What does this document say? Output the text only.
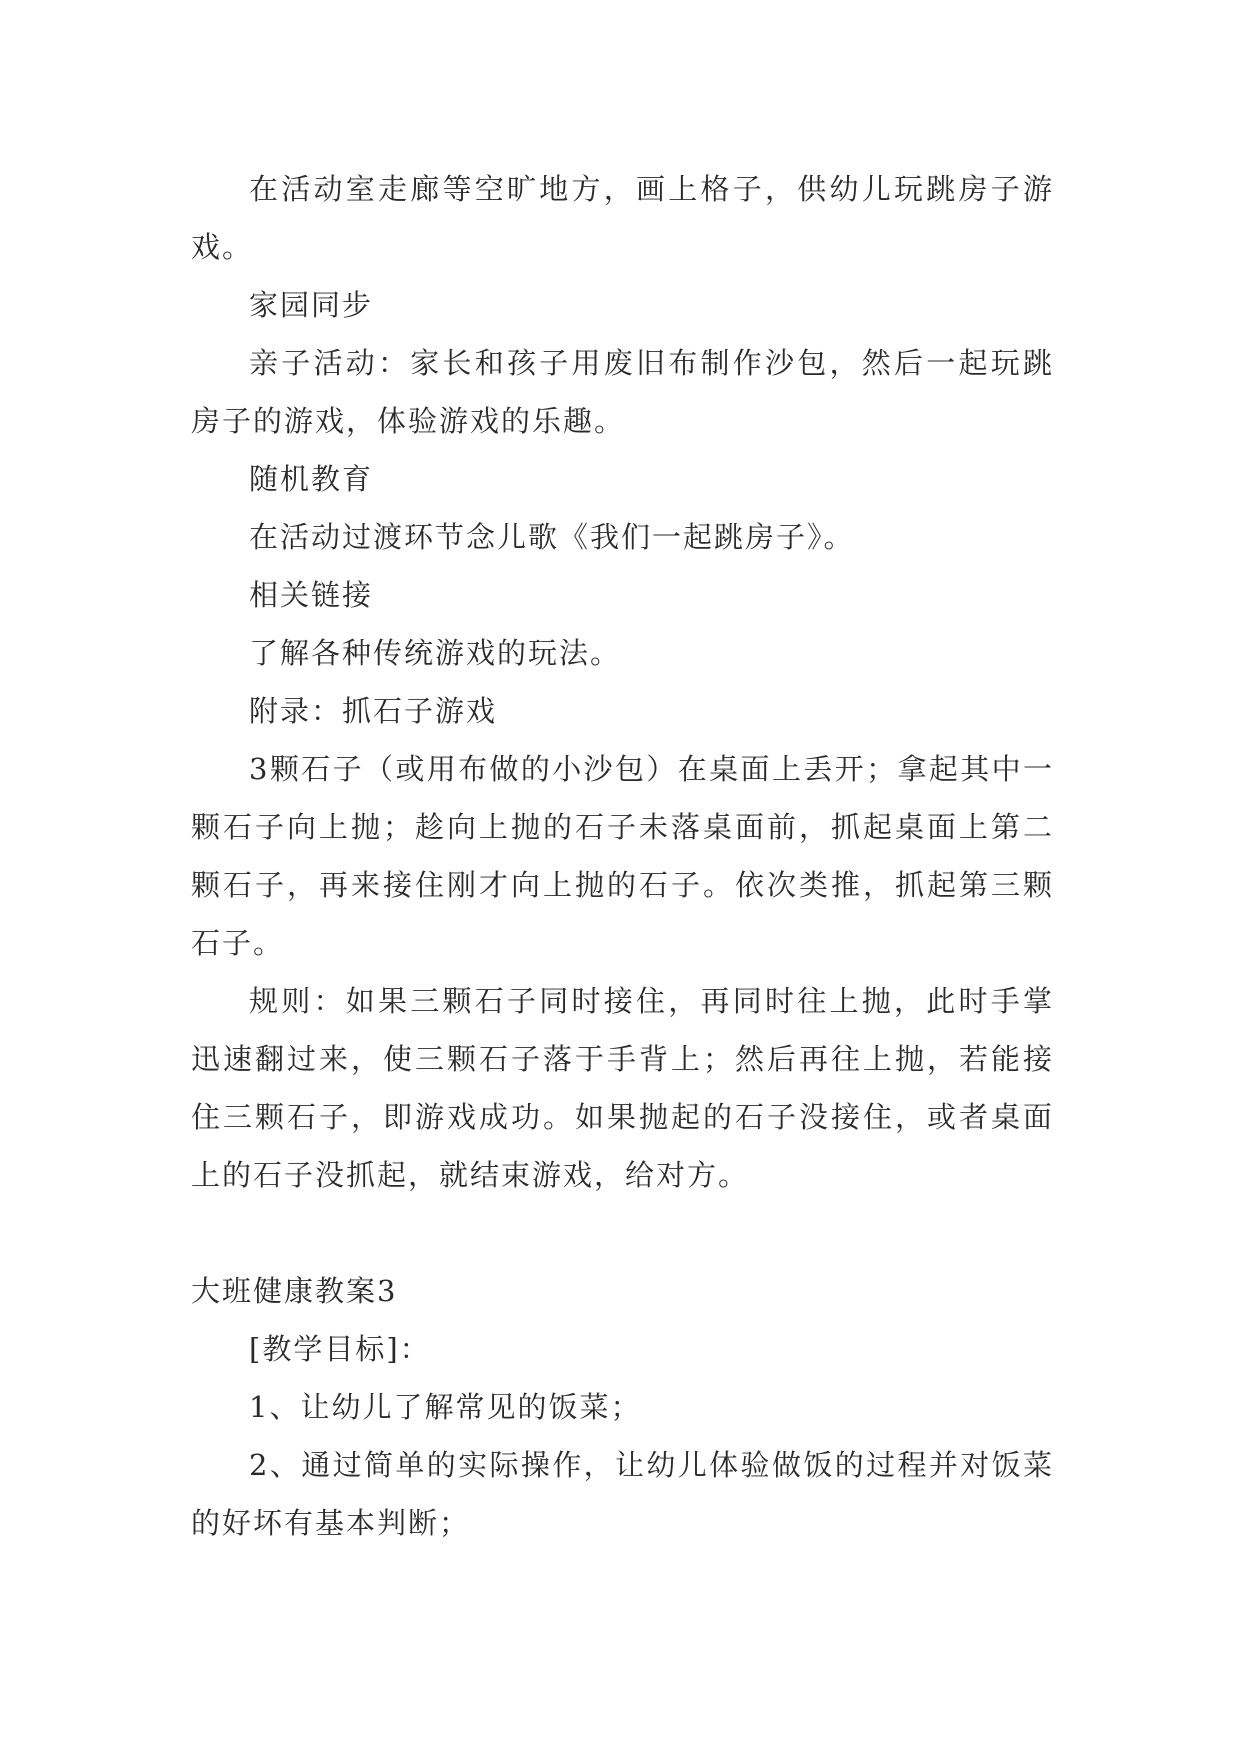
在活动室走廊等空旷地方，画上格子，供幼儿玩跳房子游戏。

家园同步

亲子活动：家长和孩子用废旧布制作沙包，然后一起玩跳房子的游戏，体验游戏的乐趣。

随机教育

在活动过渡环节念儿歌《我们一起跳房子》。

相关链接

了解各种传统游戏的玩法。

附录：抓石子游戏

3颗石子（或用布做的小沙包）在桌面上丢开；拿起其中一颗石子向上抛；趁向上抛的石子未落桌面前，抓起桌面上第二颗石子，再来接住刚才向上抛的石子。依次类推，抓起第三颗石子。

规则：如果三颗石子同时接住，再同时往上抛，此时手掌迅速翻过来，使三颗石子落于手背上；然后再往上抛，若能接住三颗石子，即游戏成功。如果抛起的石子没接住，或者桌面上的石子没抓起，就结束游戏，给对方。

大班健康教案3

[教学目标]：

1、让幼儿了解常见的饭菜；

2、通过简单的实际操作，让幼儿体验做饭的过程并对饭菜的好坏有基本判断；
